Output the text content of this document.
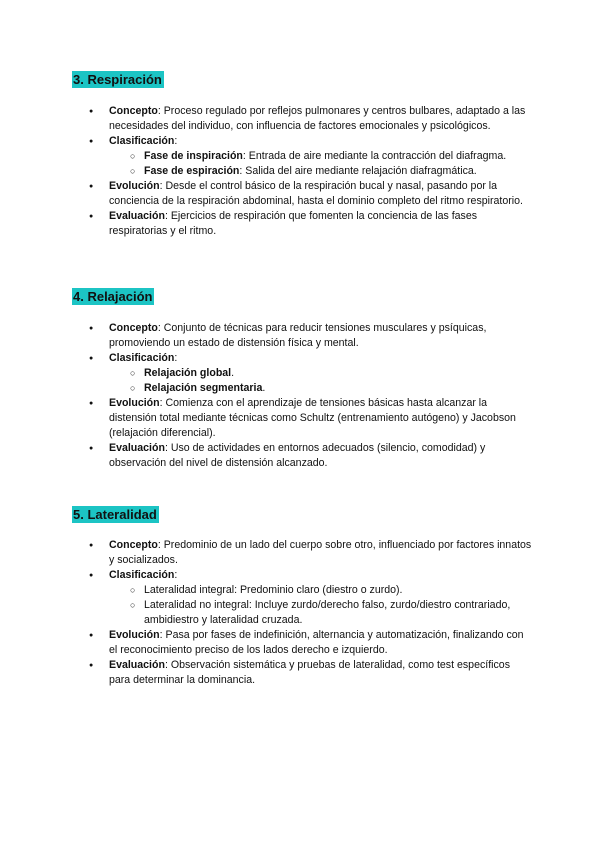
3. Respiración
● Concepto: Proceso regulado por reflejos pulmonares y centros bulbares, adaptado a las necesidades del individuo, con influencia de factores emocionales y psicológicos.
● Clasificación:
○ Fase de inspiración: Entrada de aire mediante la contracción del diafragma.
○ Fase de espiración: Salida del aire mediante relajación diafragmática.
● Evolución: Desde el control básico de la respiración bucal y nasal, pasando por la conciencia de la respiración abdominal, hasta el dominio completo del ritmo respiratorio.
● Evaluación: Ejercicios de respiración que fomenten la conciencia de las fases respiratorias y el ritmo.
4. Relajación
● Concepto: Conjunto de técnicas para reducir tensiones musculares y psíquicas, promoviendo un estado de distensión física y mental.
● Clasificación:
○ Relajación global.
○ Relajación segmentaria.
● Evolución: Comienza con el aprendizaje de tensiones básicas hasta alcanzar la distensión total mediante técnicas como Schultz (entrenamiento autógeno) y Jacobson (relajación diferencial).
● Evaluación: Uso de actividades en entornos adecuados (silencio, comodidad) y observación del nivel de distensión alcanzado.
5. Lateralidad
● Concepto: Predominio de un lado del cuerpo sobre otro, influenciado por factores innatos y socializados.
● Clasificación:
○ Lateralidad integral: Predominio claro (diestro o zurdo).
○ Lateralidad no integral: Incluye zurdo/derecho falso, zurdo/diestro contrariado, ambidiestro y lateralidad cruzada.
● Evolución: Pasa por fases de indefinición, alternancia y automatización, finalizando con el reconocimiento preciso de los lados derecho e izquierdo.
● Evaluación: Observación sistemática y pruebas de lateralidad, como test específicos para determinar la dominancia.
